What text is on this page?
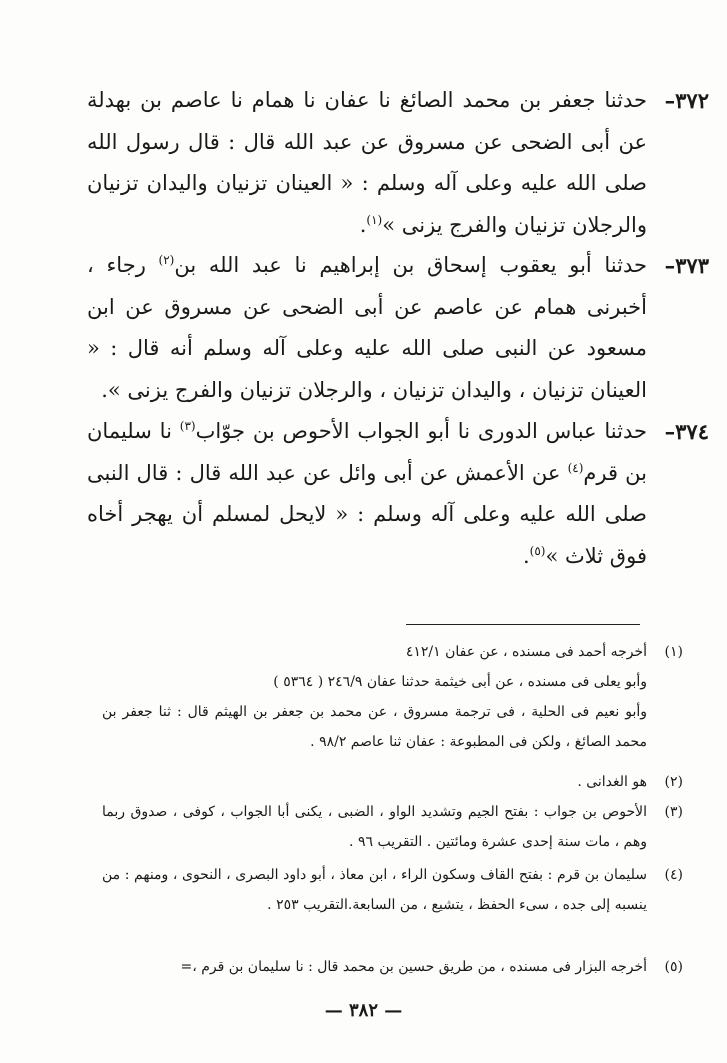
٣٧٢–
حدثنا جعفر بن محمد الصائغ نا عفان نا همام نا عاصم بن بهدلة عن أبى الضحى عن مسروق عن عبد الله قال : قال رسول الله صلى الله عليه وعلى آله وسلم : « العينان تزنيان واليدان تزنيان والرجلان تزنيان والفرج يزنى »$^{(١)}$.
٣٧٣–
حدثنا أبو يعقوب إسحاق بن إبراهيم نا عبد الله بن$^{(٢)}$ رجاء ، أخبرنى همام عن عاصم عن أبى الضحى عن مسروق عن ابن مسعود عن النبى صلى الله عليه وعلى آله وسلم أنه قال : « العينان تزنيان ، واليدان تزنيان ، والرجلان تزنيان والفرج يزنى ».
٣٧٤–
حدثنا عباس الدورى نا أبو الجواب الأحوص بن جوّاب$^{(٣)}$ نا سليمان بن قرم$^{(٤)}$ عن الأعمش عن أبى وائل عن عبد الله قال : قال النبى صلى الله عليه وعلى آله وسلم : « لايحل لمسلم أن يهجر أخاه فوق ثلاث »$^{(٥)}$.
(١)
أخرجه أحمد فى مسنده ، عن عفان ٤١٢/١
وأبو يعلى فى مسنده ، عن أبى خيثمة حدثنا عفان ٢٤٦/٩ ( ٥٣٦٤ )
وأبو نعيم فى الحلية ، فى ترجمة مسروق ، عن محمد بن جعفر بن الهيثم قال : ثنا جعفر بن محمد الصائغ ، ولكن فى المطبوعة : عفان ثنا عاصم ٩٨/٢ .
(٢)
هو الغدانى .
(٣)
الأحوص بن جواب : بفتح الجيم وتشديد الواو ، الضبى ، يكنى أبا الجواب ، كوفى ، صدوق ربما وهم ، مات سنة إحدى عشرة ومائتين . التقريب ٩٦ .
(٤)
سليمان بن قرم : بفتح القاف وسكون الراء ، ابن معاذ ، أبو داود البصرى ، النحوى ، ومنهم : من ينسبه إلى جده ، سىء الحفظ ، يتشيع ، من السابعة.التقريب ٢٥٣ .
(٥)
أخرجه البزار فى مسنده ، من طريق حسين بن محمد قال : نا سليمان بن قرم ،=
— ٣٨٢ —
